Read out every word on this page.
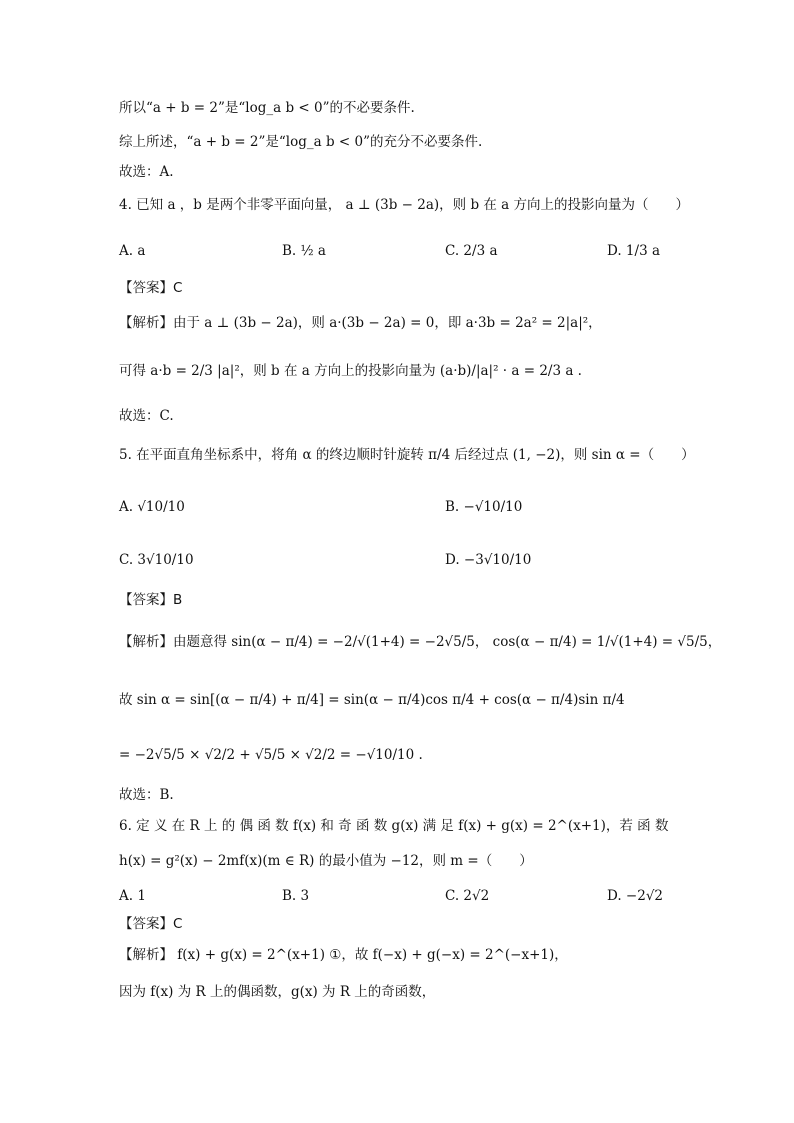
所以“a + b = 2”是“log_a b < 0”的不必要条件.
综上所述，“a + b = 2”是“log_a b < 0”的充分不必要条件.
故选：A.
4. 已知 a ，b 是两个非零平面向量， a ⊥ (3b − 2a)，则 b 在 a 方向上的投影向量为（　　）
A. a	B. ½ a	C. 2/3 a	D. 1/3 a
【答案】C
【解析】由于 a ⊥ (3b − 2a)，则 a·(3b − 2a) = 0，即 a·3b = 2a² = 2|a|²，
可得 a·b = 2/3 |a|²，则 b 在 a 方向上的投影向量为 (a·b)/|a|² · a = 2/3 a .
故选：C.
5. 在平面直角坐标系中，将角 α 的终边顺时针旋转 π/4 后经过点 (1, −2)，则 sin α =（　　）
A. √10/10	B. −√10/10
C. 3√10/10	D. −3√10/10
【答案】B
【解析】由题意得 sin(α − π/4) = −2/√(1+4) = −2√5/5， cos(α − π/4) = 1/√(1+4) = √5/5，
故 sin α = sin[(α − π/4) + π/4] = sin(α − π/4)cos π/4 + cos(α − π/4)sin π/4
= −2√5/5 × √2/2 + √5/5 × √2/2 = −√10/10 .
故选：B.
6. 定 义 在 R 上 的 偶 函 数 f(x) 和 奇 函 数 g(x) 满 足 f(x) + g(x) = 2^(x+1)，若 函 数
h(x) = g²(x) − 2mf(x)(m ∈ R) 的最小值为 −12，则 m =（　　）
A. 1	B. 3	C. 2√2	D. −2√2
【答案】C
【解析】 f(x) + g(x) = 2^(x+1) ①，故 f(−x) + g(−x) = 2^(−x+1)，
因为 f(x) 为 R 上的偶函数，g(x) 为 R 上的奇函数，
